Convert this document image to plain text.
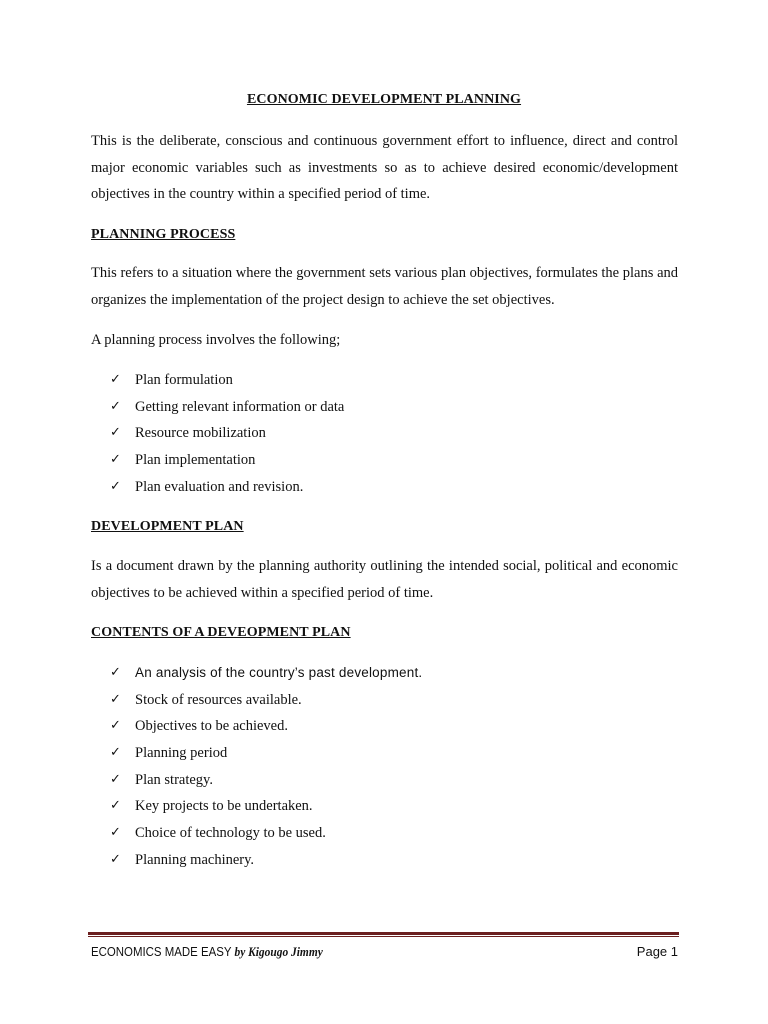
ECONOMIC DEVELOPMENT PLANNING

This is the deliberate, conscious and continuous government effort to influence, direct and control major economic variables such as investments so as to achieve desired economic/development objectives in the country within a specified period of time.

PLANNING PROCESS

This refers to a situation where the government sets various plan objectives, formulates the plans and organizes the implementation of the project design to achieve the set objectives.

A planning process involves the following;

✓ Plan formulation
✓ Getting relevant information or data
✓ Resource mobilization
✓ Plan implementation
✓ Plan evaluation and revision.
DEVELOPMENT PLAN

Is a document drawn by the planning authority outlining the intended social, political and economic objectives to be achieved within a specified period of time.

CONTENTS OF A DEVEOPMENT PLAN
✓ An analysis of the country’s past development.
✓ Stock of resources available.
✓ Objectives to be achieved.
✓ Planning period
✓ Plan strategy.
✓ Key projects to be undertaken.
✓ Choice of technology to be used.
✓ Planning machinery.
ECONOMICS MADE EASY by Kigougo Jimmy	Page 1
